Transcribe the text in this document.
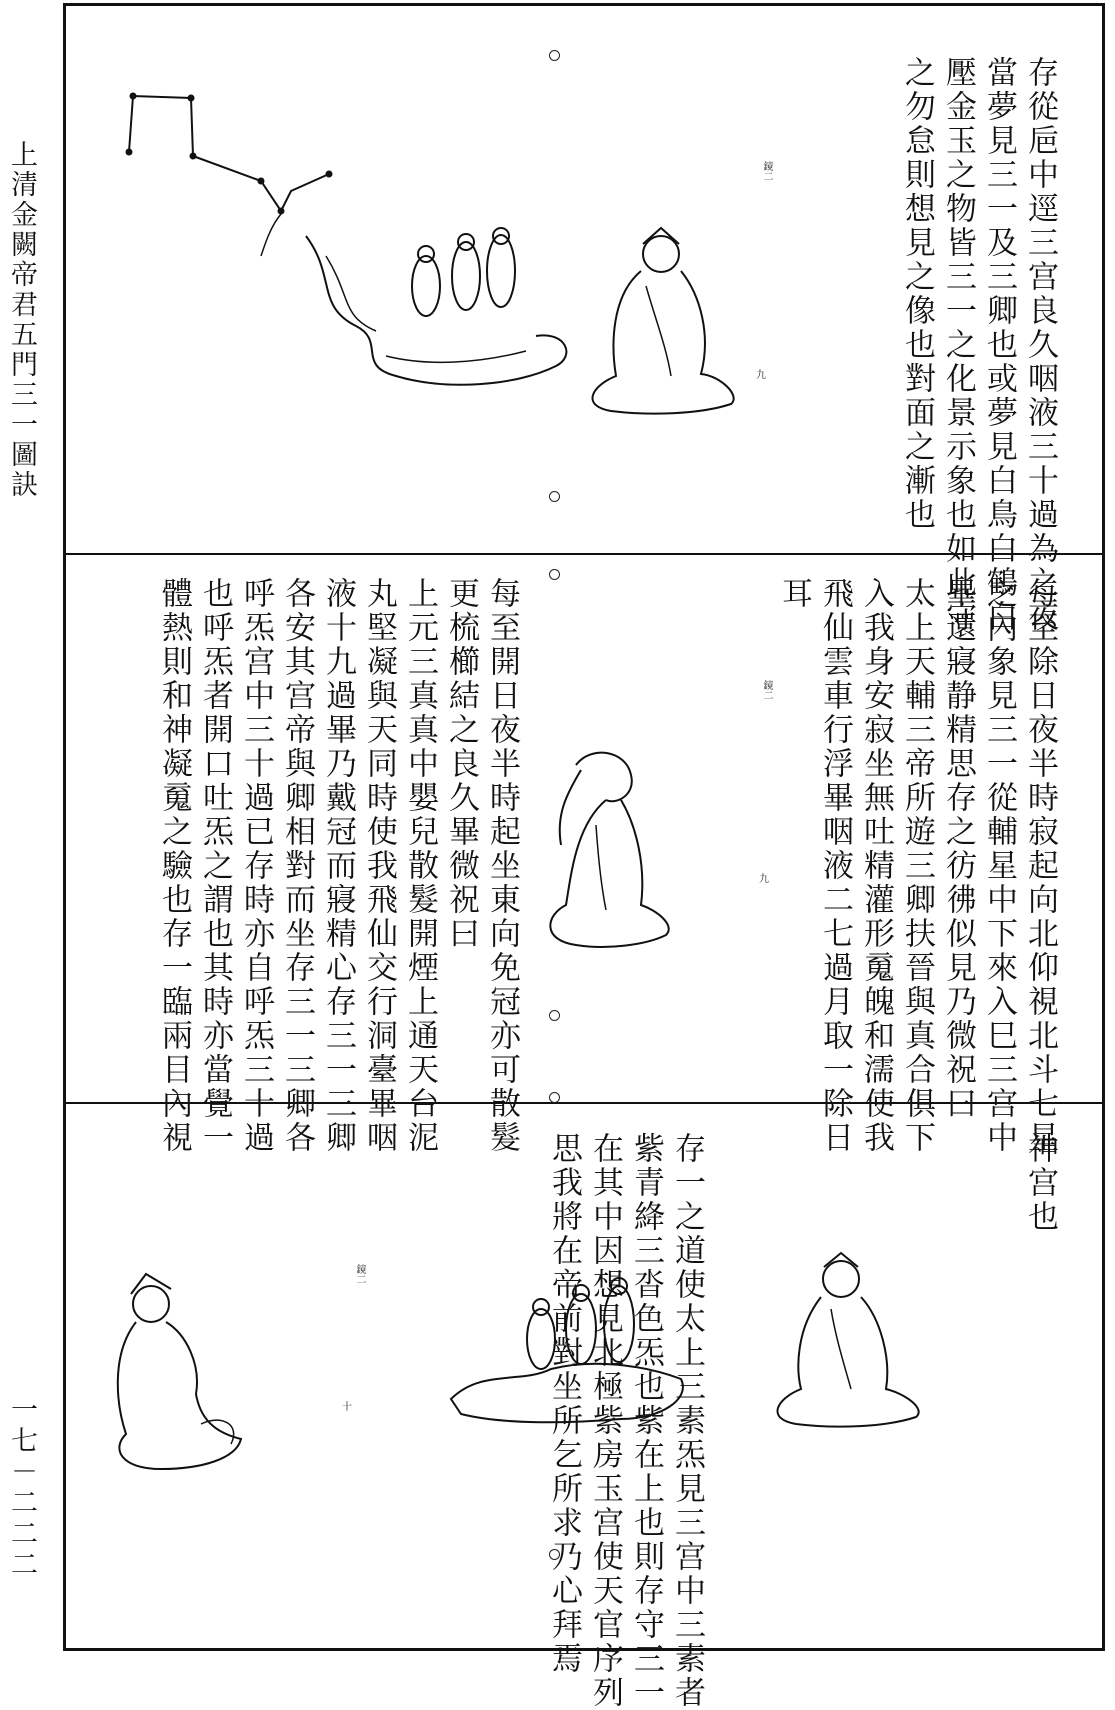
上清金闕帝君五門三一圖訣
一七－二二二

存從巵中逕三宫良久咽液三十過為之夜
當夢見三一及三卿也或夢見白鳥白鶴白
壓金玉之物皆三一之化景示象也如此守
之勿怠則想見之像也對面之漸也

鏡二
九

每至除日夜半時寂起向北仰視北斗七星
之內象見三一從輔星中下來入巳三宫中
畢還寢静精思存之彷彿似見乃微祝曰
太上天輔三帝所遊三卿扶晉與真合俱下
入我身安寂坐無吐精灌形䰟魄和濡使我
飛仙雲車行浮畢咽液二七過月取一除日
耳

每至開日夜半時起坐東向免冠亦可散髮
更梳櫛結之良久畢微祝曰
上元三真真中嬰兒散髮開煙上通天台泥
丸堅凝與天同時使我飛仙交行洞臺畢咽
液十九過畢乃戴冠而寢精心存三一三卿
各安其宫帝與卿相對而坐存三一三卿各
呼炁宫中三十過已存時亦自呼炁三十過
也呼炁者開口吐炁之謂也其時亦當覺一
體熱則和神凝䰟之驗也存一臨兩目內視	鏡二
九

神宫也

存一之道使太上三素炁見三宫中三素者
紫青絳三沓色炁也紫在上也則存守三一
在其中因想見北極紫房玉宫使天官序列
思我將在帝前對坐所乞所求乃心拜焉

鏡二
十
